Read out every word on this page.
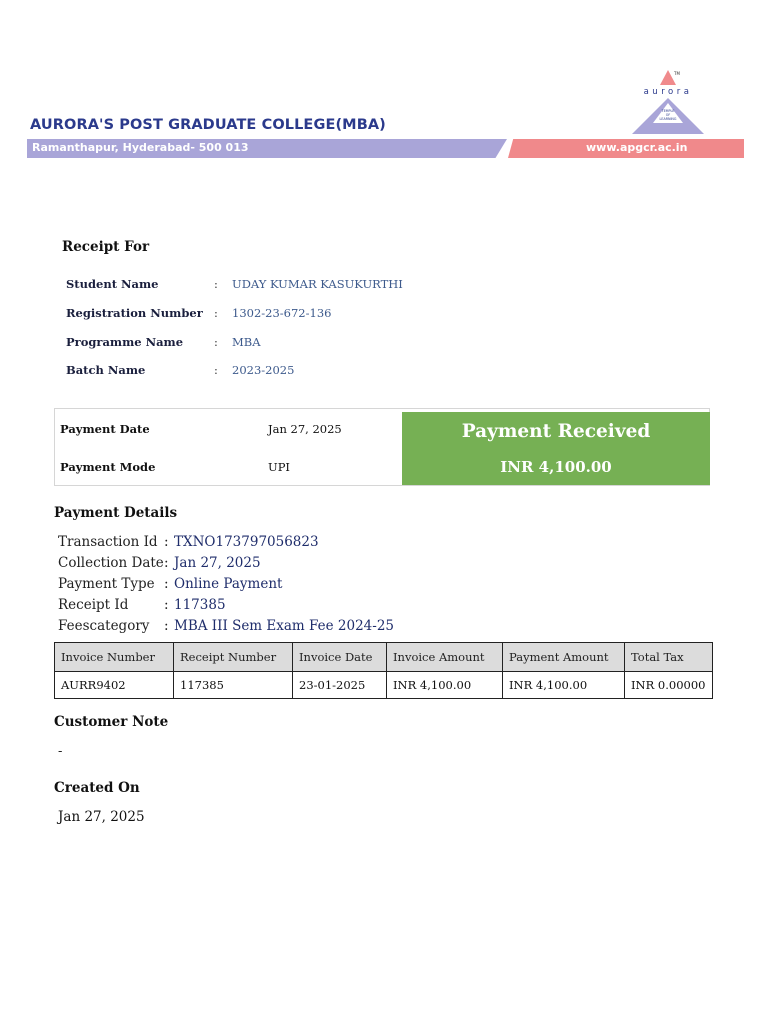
AURORA'S POST GRADUATE COLLEGE(MBA)
Ramanthapur, Hyderabad- 500 013	www.apgcr.ac.in
TM
aurora
TEMPLE
OF
LEARNING
Receipt For
Student Name	: UDAY KUMAR KASUKURTHI
Registration Number : 1302-23-672-136
Programme Name	: MBA
Batch Name	: 2023-2025
Payment Date	Jan 27, 2025
Payment Mode	UPI
Payment Received
INR 4,100.00
Payment Details
Transaction Id : TXNO173797056823
Collection Date : Jan 27, 2025
Payment Type : Online Payment
Receipt Id	: 117385
Feescategory : MBA III Sem Exam Fee 2024-25
Invoice Number	Receipt Number	Invoice Date	Invoice Amount	Payment Amount	Total Tax
AURR9402	117385	23-01-2025	INR 4,100.00	INR 4,100.00	INR 0.00000
Customer Note
-
Created On
Jan 27, 2025
